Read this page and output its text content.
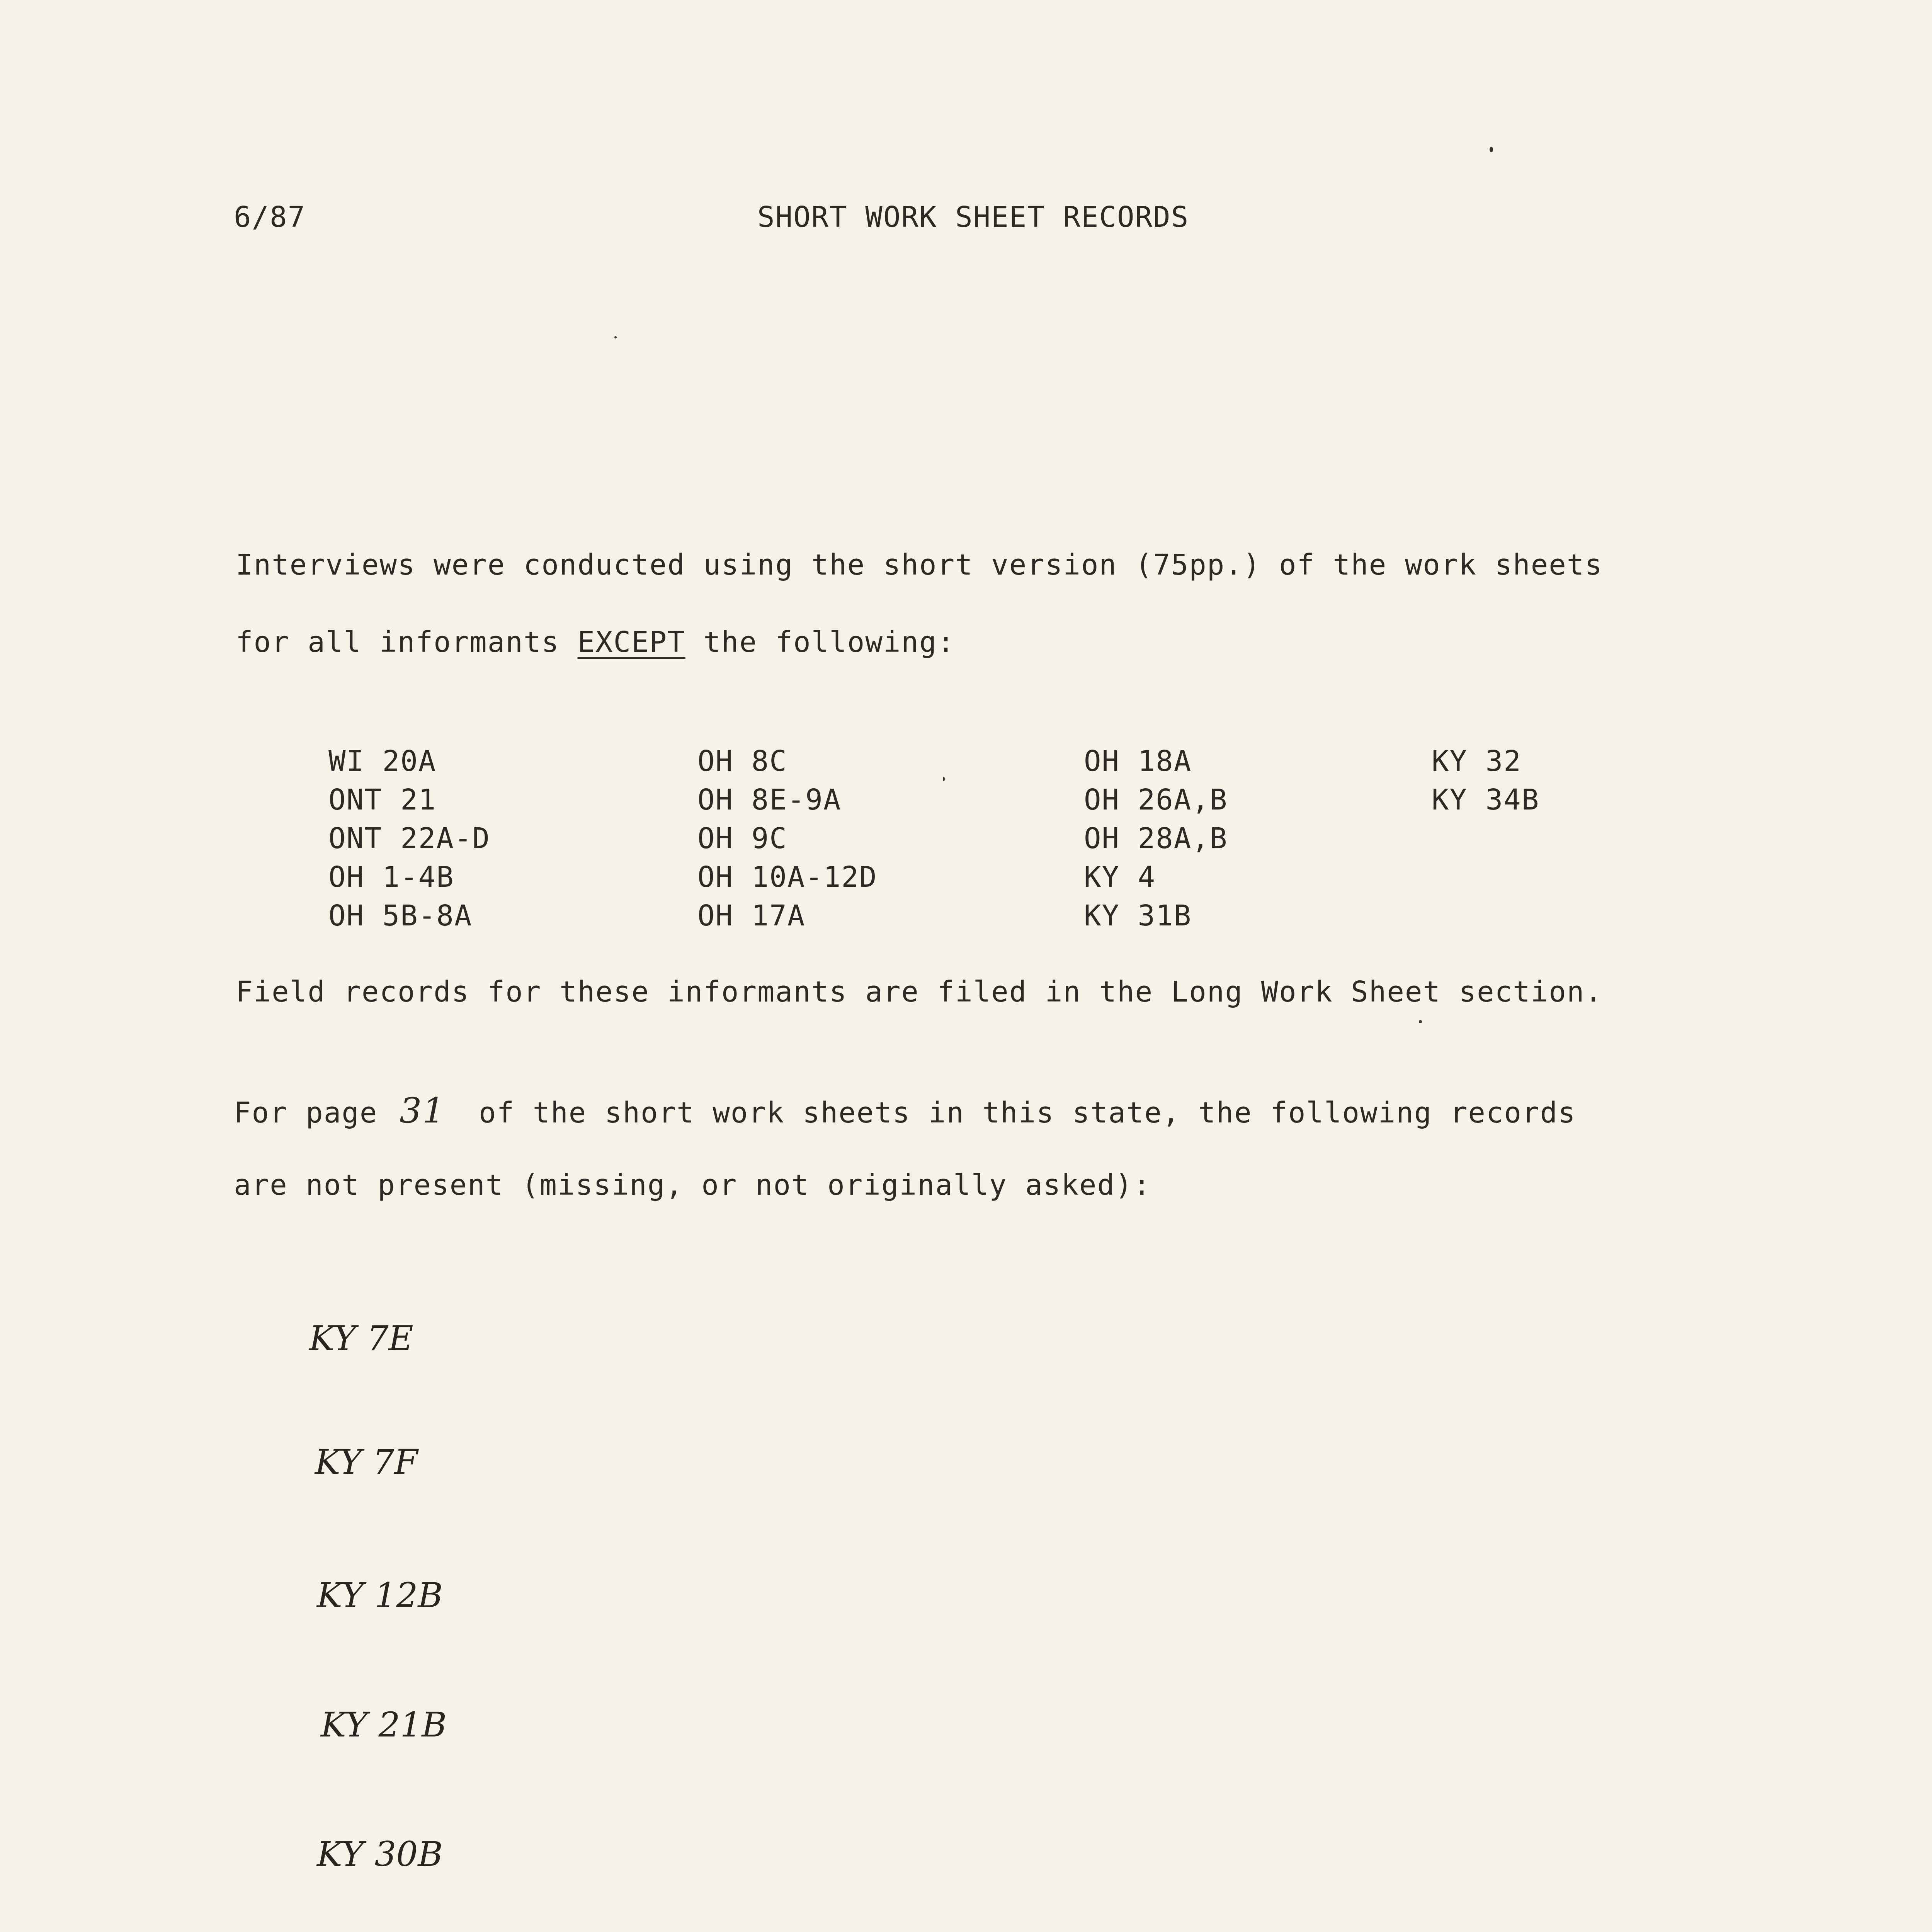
6/87	SHORT WORK SHEET RECORDS
Interviews were conducted using the short version (75pp.) of the work sheets
for all informants EXCEPT the following:
WI 20A
ONT 21
ONT 22A-D
OH 1-4B
OH 5B-8A
OH 8C
OH 8E-9A
OH 9C
OH 10A-12D
OH 17A
OH 18A
OH 26A,B
OH 28A,B
KY 4
KY 31B
KY 32
KY 34B
Field records for these informants are filed in the Long Work Sheet section.
For page 31 of the short work sheets in this state, the following records
are not present (missing, or not originally asked):
KY 7E
KY 7F
KY 12B
KY 21B
KY 30B
